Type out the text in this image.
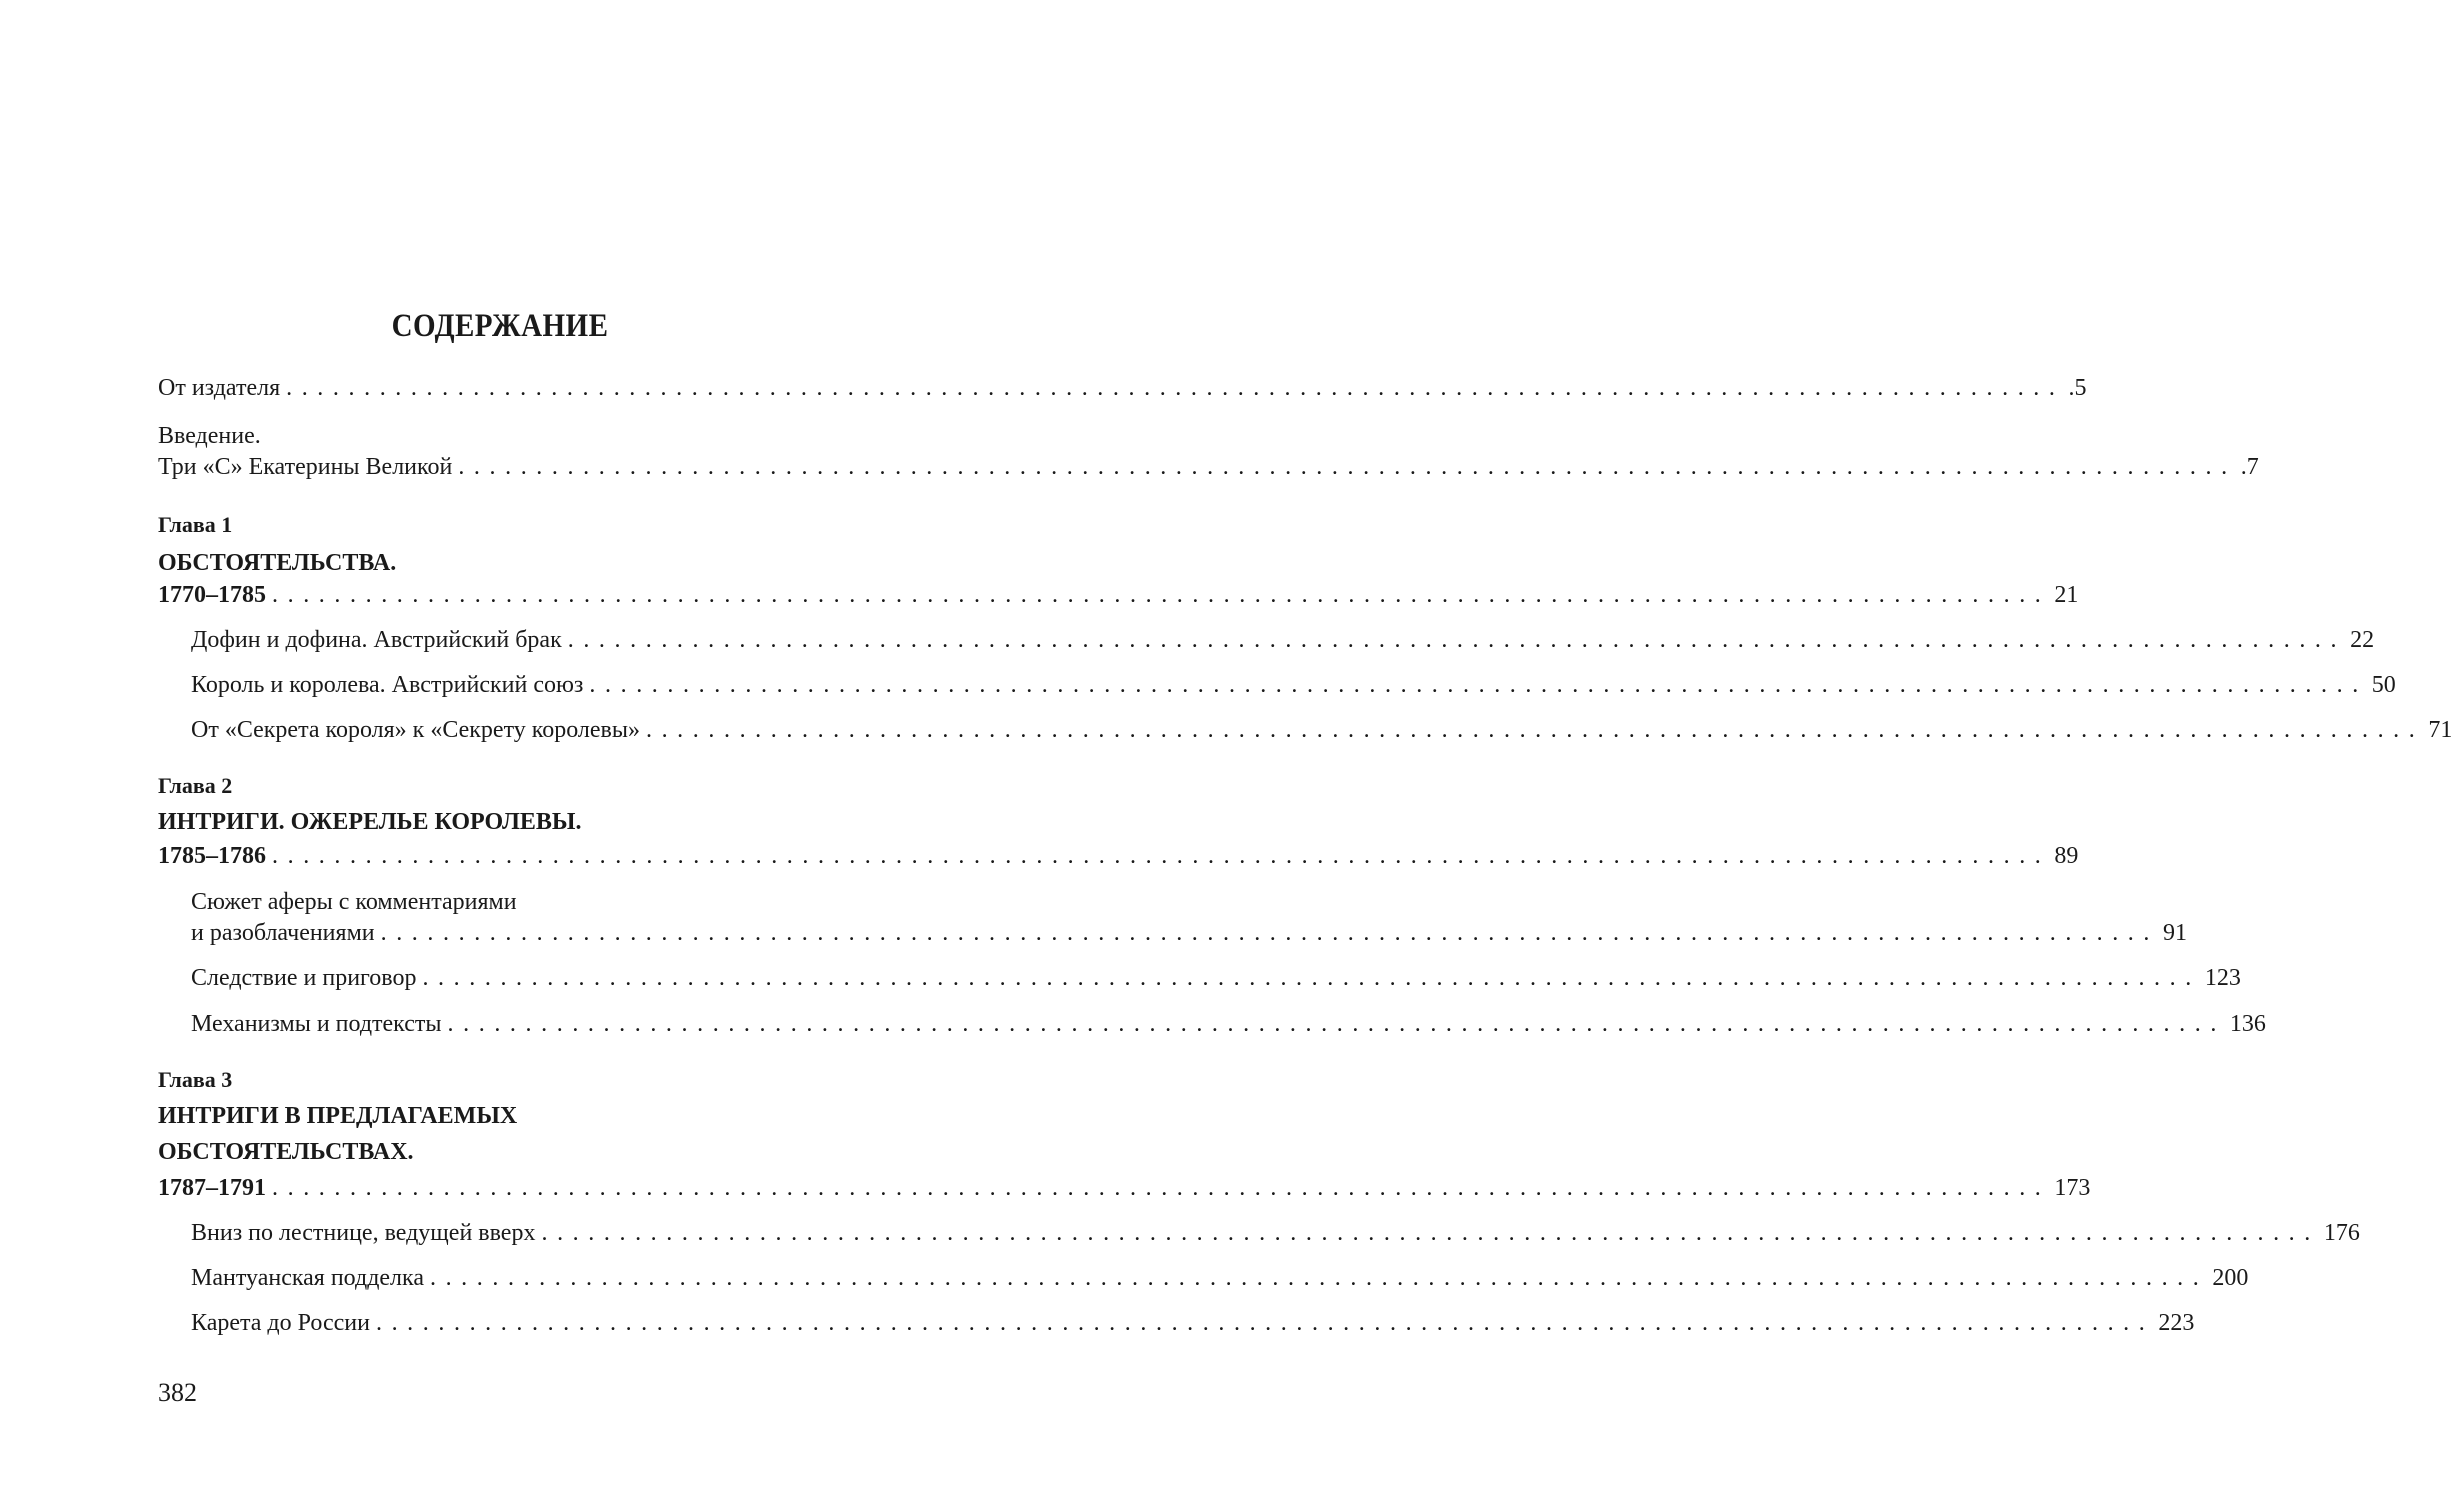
СОДЕРЖАНИЕ
От издателя .................................................................................................................. .5
Введение.
Три «С» Екатерины Великой .................................................................................................................. .7
Глава 1
ОБСТОЯТЕЛЬСТВА.
1770–1785 .................................................................................................................. 21
Дофин и дофина. Австрийский брак .................................................................................................................. 22
Король и королева. Австрийский союз .................................................................................................................. 50
От «Секрета короля» к «Секрету королевы» .................................................................................................................. 71
Глава 2
ИНТРИГИ. ОЖЕРЕЛЬЕ КОРОЛЕВЫ.
1785–1786 .................................................................................................................. 89
Сюжет аферы с комментариями
и разоблачениями .................................................................................................................. 91
Следствие и приговор .................................................................................................................. 123
Механизмы и подтексты .................................................................................................................. 136
Глава 3
ИНТРИГИ В ПРЕДЛАГАЕМЫХ
ОБСТОЯТЕЛЬСТВАХ.
1787–1791 .................................................................................................................. 173
Вниз по лестнице, ведущей вверх .................................................................................................................. 176
Мантуанская подделка .................................................................................................................. 200
Карета до России .................................................................................................................. 223
382
